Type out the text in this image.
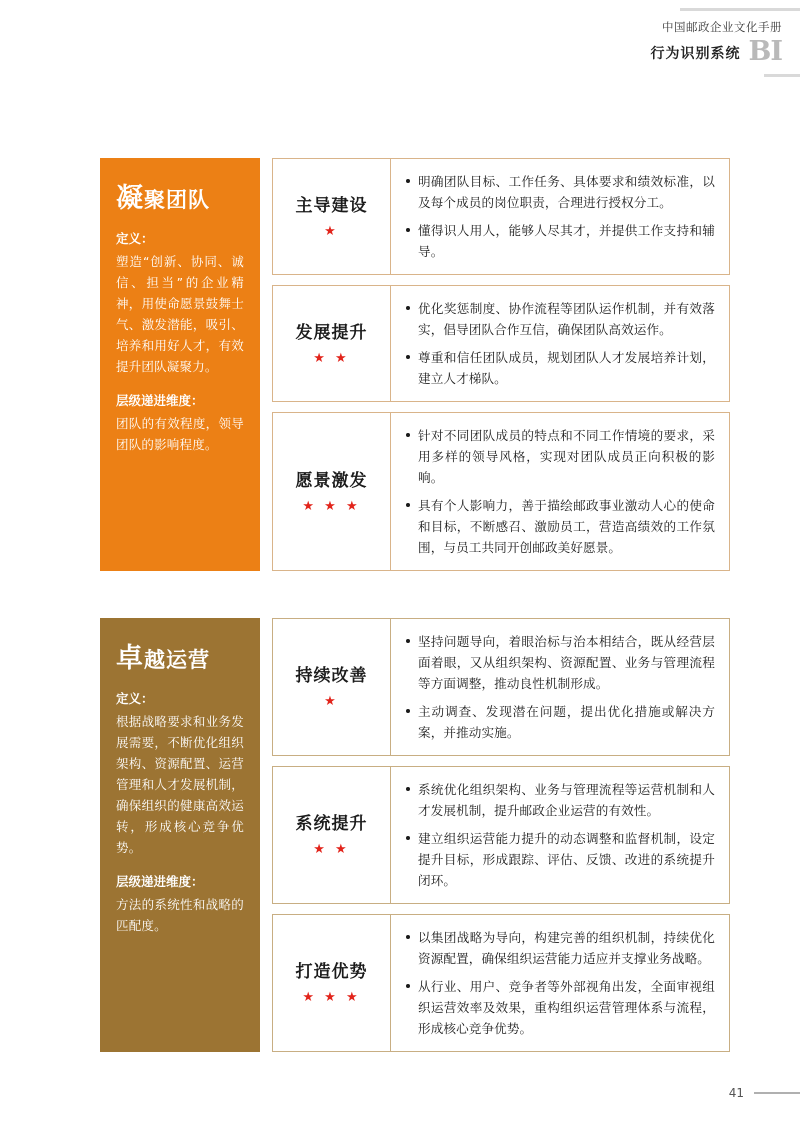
中国邮政企业文化手册
行为识别系统 BI
凝聚团队
定义：
塑造“创新、协同、诚信、担当”的企业精神，用使命愿景鼓舞士气、激发潜能，吸引、培养和用好人才，有效提升团队凝聚力。
层级递进维度：
团队的有效程度，领导团队的影响程度。
主导建设
★
明确团队目标、工作任务、具体要求和绩效标准，以及每个成员的岗位职责，合理进行授权分工。
懂得识人用人，能够人尽其才，并提供工作支持和辅导。
发展提升
★ ★
优化奖惩制度、协作流程等团队运作机制，并有效落实，倡导团队合作互信，确保团队高效运作。
尊重和信任团队成员，规划团队人才发展培养计划，建立人才梯队。
愿景激发
★ ★ ★
针对不同团队成员的特点和不同工作情境的要求，采用多样的领导风格，实现对团队成员正向积极的影响。
具有个人影响力，善于描绘邮政事业激动人心的使命和目标，不断感召、激励员工，营造高绩效的工作氛围，与员工共同开创邮政美好愿景。
卓越运营
定义：
根据战略要求和业务发展需要，不断优化组织架构、资源配置、运营管理和人才发展机制，确保组织的健康高效运转，形成核心竞争优势。
层级递进维度：
方法的系统性和战略的匹配度。
持续改善
★
坚持问题导向，着眼治标与治本相结合，既从经营层面着眼，又从组织架构、资源配置、业务与管理流程等方面调整，推动良性机制形成。
主动调查、发现潜在问题，提出优化措施或解决方案，并推动实施。
系统提升
★ ★
系统优化组织架构、业务与管理流程等运营机制和人才发展机制，提升邮政企业运营的有效性。
建立组织运营能力提升的动态调整和监督机制，设定提升目标，形成跟踪、评估、反馈、改进的系统提升闭环。
打造优势
★ ★ ★
以集团战略为导向，构建完善的组织机制，持续优化资源配置，确保组织运营能力适应并支撑业务战略。
从行业、用户、竞争者等外部视角出发，全面审视组织运营效率及效果，重构组织运营管理体系与流程，形成核心竞争优势。
41
